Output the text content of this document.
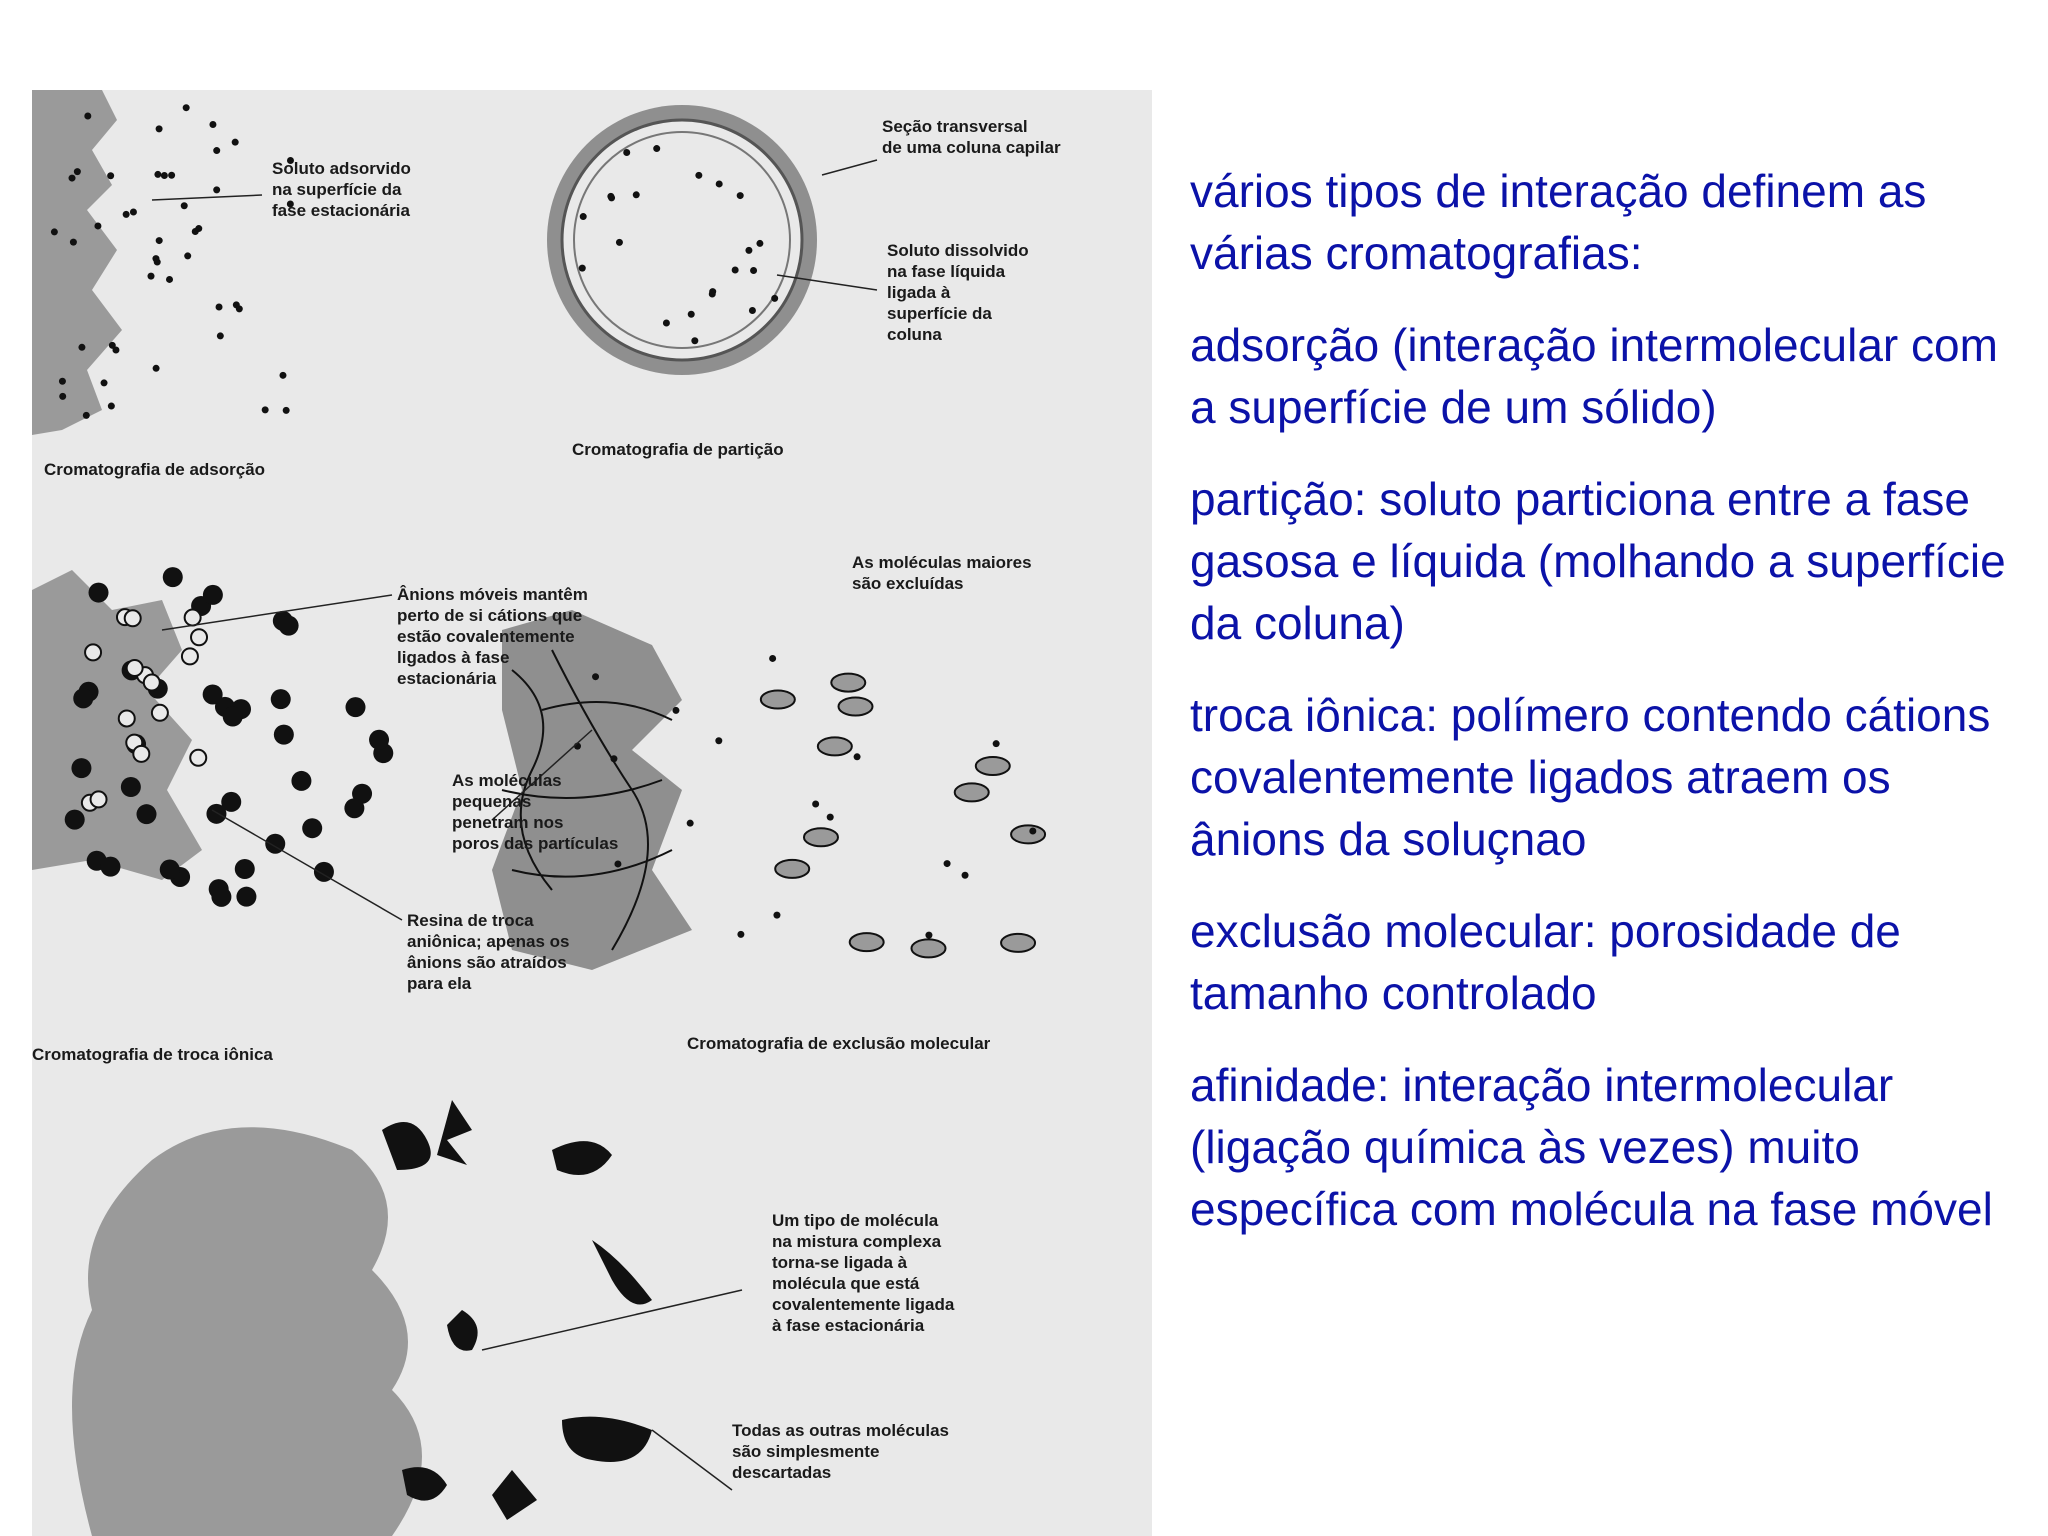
Soluto adsorvido
na superfície da
fase estacionária
Cromatografia de adsorção
Seção transversal
de uma coluna capilar
Soluto dissolvido
na fase líquida
ligada à
superfície da
coluna
Cromatografia de partição
Ânions móveis mantêm
perto de si cátions que
estão covalentemente
ligados à fase
estacionária
Resina de troca
aniônica; apenas os
ânions são atraídos
para ela
Cromatografia de troca iônica
As moléculas maiores
são excluídas
As moléculas
pequenas
penetram nos
poros das partículas
Cromatografia de exclusão molecular
Um tipo de molécula
na mistura complexa
torna-se ligada à
molécula que está
covalentemente ligada
à fase estacionária
Todas as outras moléculas
são simplesmente
descartadas

vários tipos de interação definem as várias cromatografias:

adsorção (interação intermolecular com a superfície de um sólido)

partição: soluto particiona entre a fase gasosa e líquida (molhando a superfície da coluna)

troca iônica: polímero contendo cátions covalentemente ligados atraem os ânions da soluçnao

exclusão molecular: porosidade de tamanho controlado

afinidade: interação intermolecular (ligação química às vezes) muito específica com molécula na fase móvel
